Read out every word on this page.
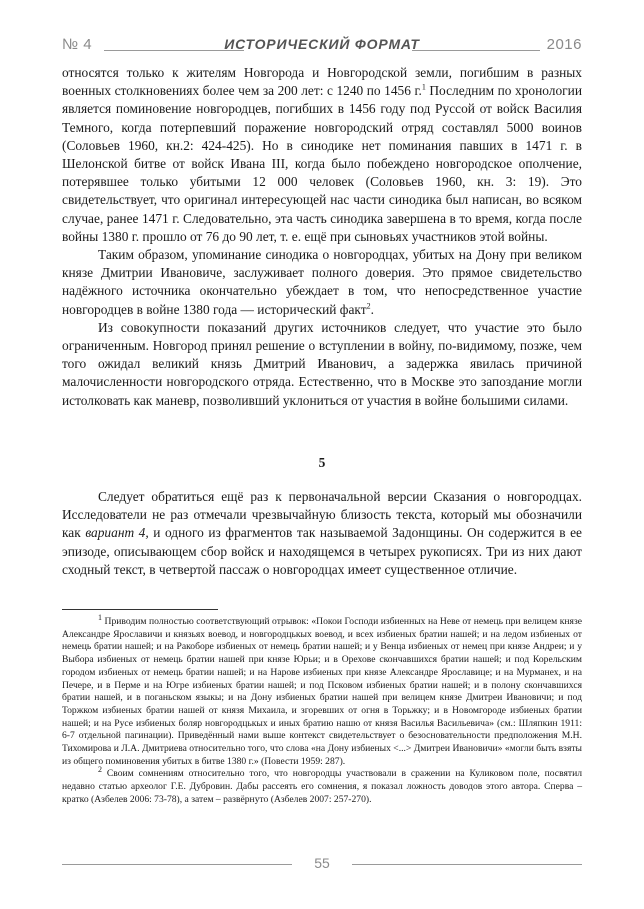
№ 4	ИСТОРИЧЕСКИЙ ФОРМАТ	2016

относятся только к жителям Новгорода и Новгородской земли, погибшим в разных военных столкновениях более чем за 200 лет: с 1240 по 1456 г.$^1$ Последним по хронологии является поминовение новгородцев, погибших в 1456 году под Руссой от войск Василия Темного, когда потерпевший поражение новгородский отряд составлял 5000 воинов (Соловьев 1960, кн.2: 424-425). Но в синодике нет поминания павших в 1471 г. в Шелонской битве от войск Ивана III, когда было побеждено новгородское ополчение, потерявшее только убитыми 12 000 человек (Соловьев 1960, кн. 3: 19). Это свидетельствует, что оригинал интересующей нас части синодика был написан, во всяком случае, ранее 1471 г. Следовательно, эта часть синодика завершена в то время, когда после войны 1380 г. прошло от 76 до 90 лет, т. е. ещё при сыновьях участников этой войны.

Таким образом, упоминание синодика о новгородцах, убитых на Дону при великом князе Дмитрии Ивановиче, заслуживает полного доверия. Это прямое свидетельство надёжного источника окончательно убеждает в том, что непосредственное участие новгородцев в войне 1380 года — исторический факт$^2$.

Из совокупности показаний других источников следует, что участие это было ограниченным. Новгород принял решение о вступлении в войну, по-видимому, позже, чем того ожидал великий князь Дмитрий Иванович, а задержка явилась причиной малочисленности новгородского отряда. Естественно, что в Москве это запоздание могли истолковать как маневр, позволивший уклониться от участия в войне большими силами.

5

Следует обратиться ещё раз к первоначальной версии Сказания о новгородцах. Исследователи не раз отмечали чрезвычайную близость текста, который мы обозначили как вариант 4, и одного из фрагментов так называемой Задонщины. Он содержится в ее эпизоде, описывающем сбор войск и находящемся в четырех рукописях. Три из них дают сходный текст, в четвертой пассаж о новгородцах имеет существенное отличие.

$^1$ Приводим полностью соответствующий отрывок: «Покои Господи избиенных на Неве от немець при велицем князе Александре Ярославичи и князьях воевод, и новгородцькых воевод, и всех избиеных братии нашей; и на ледом избиеных от немець братии нашей; и на Ракоборе избиеных от немець братии нашей; и у Венца избиеных от немец при князе Андреи; и у Выбора избиеных от немець братии нашей при князе Юрьи; и в Орехове скончавшихся братии нашей; и под Корельским городом избиеных от немець братии нашей; и на Нарове избиеных при князе Александре Ярославице; и на Мурманех, и на Печере, и в Перме и на Югре избиеных братии нашей; и под Псковом избиеных братии нашей; и в полону скончавшихся братии нашей, и в поганьском языкы; и на Дону избиеных братии нашей при велицем князе Дмитреи Ивановичи; и под Торжком избиеных братии нашей от князя Михаила, и згоревших от огня в Торьжку; и в Новомгороде избиеных братии нашей; и на Русе избиеных боляр новгородцькых и иных братию нашю от князя Василья Васильевича» (см.: Шляпкин 1911: 6-7 отдельной пагинации). Приведённый нами выше контекст свидетельствует о безосновательности предположения М.Н. Тихомирова и Л.А. Дмитриева относительно того, что слова «на Дону избиеных <...> Дмитреи Ивановичи» «могли быть взяты из общего поминовения убитых в битве 1380 г.» (Повести 1959: 287).

$^2$ Своим сомнениям относительно того, что новгородцы участвовали в сражении на Куликовом поле, посвятил недавно статью археолог Г.Е. Дубровин. Дабы рассеять его сомнения, я показал ложность доводов этого автора. Сперва – кратко (Азбелев 2006: 73-78), а затем – развёрнуто (Азбелев 2007: 257-270).

55
